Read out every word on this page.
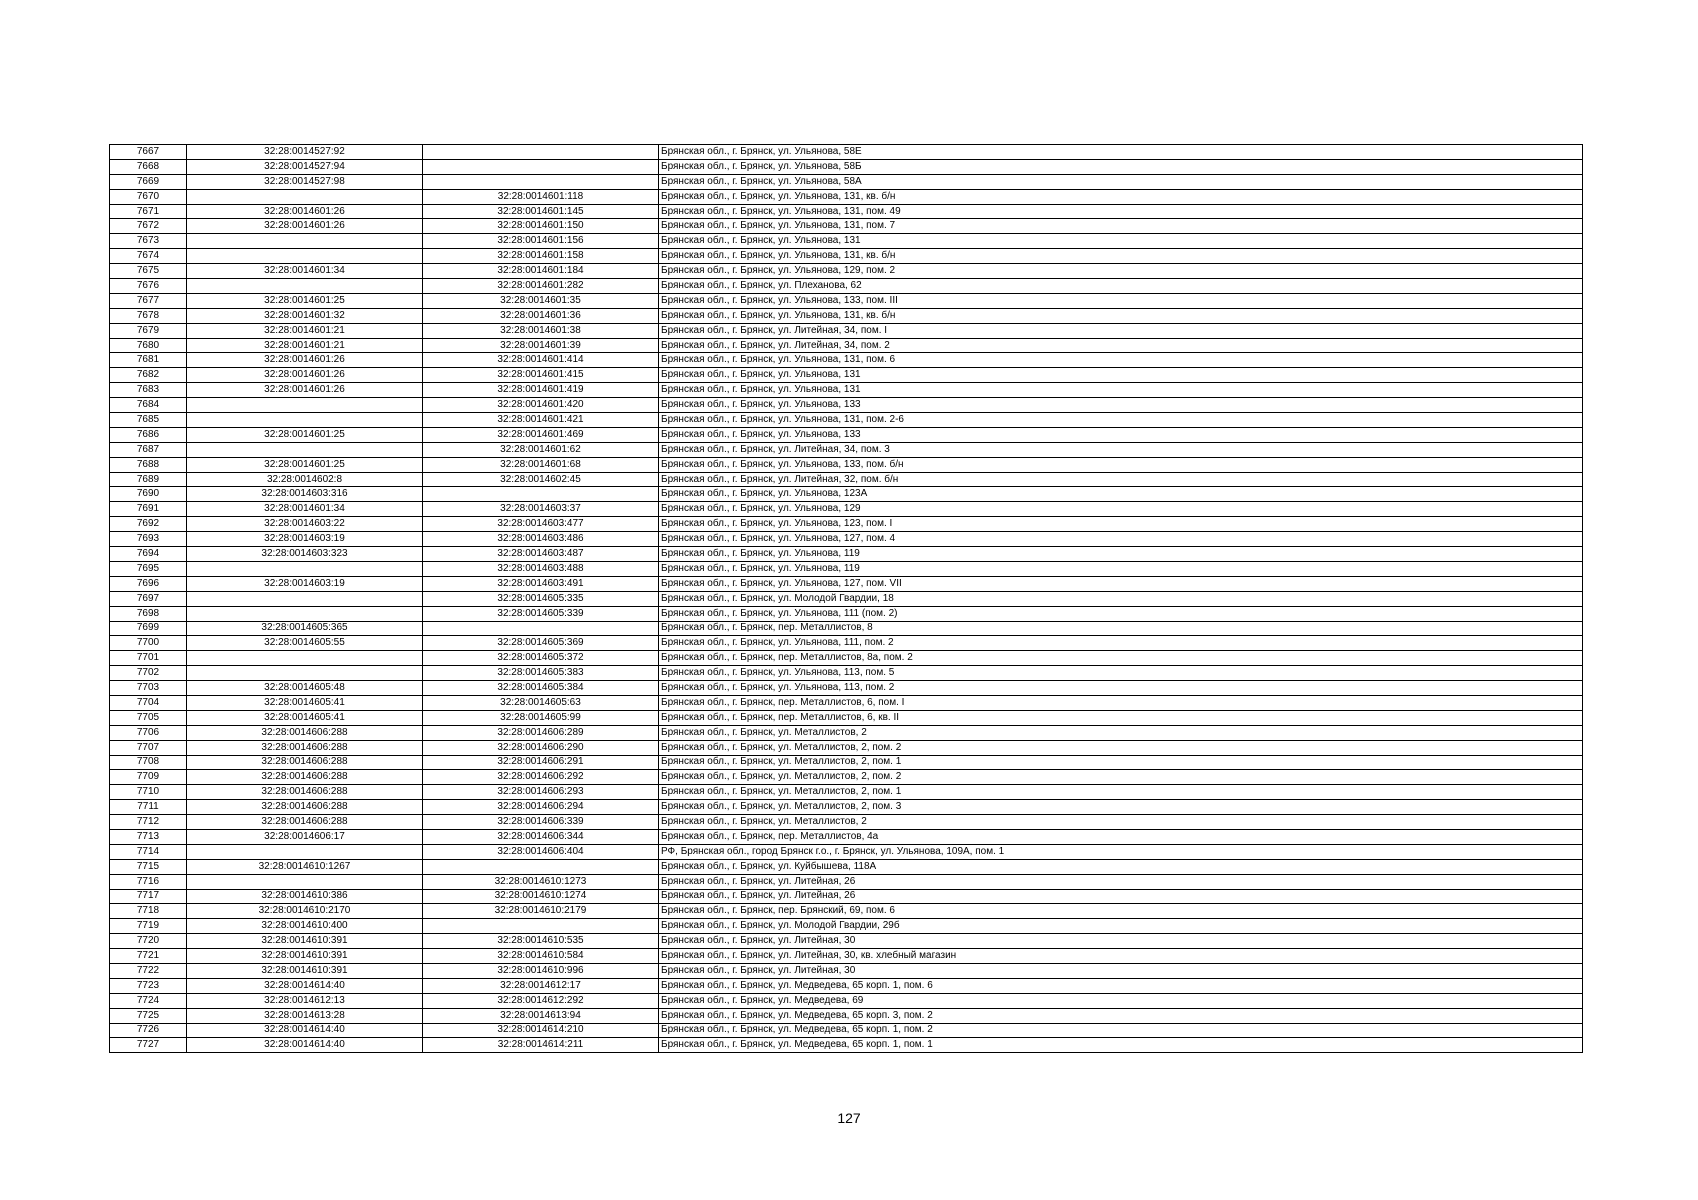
7667	32:28:0014527:92		Брянская обл., г. Брянск, ул. Ульянова, 58Е
7668	32:28:0014527:94		Брянская обл., г. Брянск, ул. Ульянова, 58Б
7669	32:28:0014527:98		Брянская обл., г. Брянск, ул. Ульянова, 58А
7670		32:28:0014601:118	Брянская обл., г. Брянск, ул. Ульянова, 131, кв. б/н
7671	32:28:0014601:26	32:28:0014601:145	Брянская обл., г. Брянск, ул. Ульянова, 131, пом. 49
7672	32:28:0014601:26	32:28:0014601:150	Брянская обл., г. Брянск, ул. Ульянова, 131, пом. 7
7673		32:28:0014601:156	Брянская обл., г. Брянск, ул. Ульянова, 131
7674		32:28:0014601:158	Брянская обл., г. Брянск, ул. Ульянова, 131, кв. б/н
7675	32:28:0014601:34	32:28:0014601:184	Брянская обл., г. Брянск, ул. Ульянова, 129, пом. 2
7676		32:28:0014601:282	Брянская обл., г. Брянск, ул. Плеханова, 62
7677	32:28:0014601:25	32:28:0014601:35	Брянская обл., г. Брянск, ул. Ульянова, 133, пом. III
7678	32:28:0014601:32	32:28:0014601:36	Брянская обл., г. Брянск, ул. Ульянова, 131, кв. б/н
7679	32:28:0014601:21	32:28:0014601:38	Брянская обл., г. Брянск, ул. Литейная, 34, пом. I
7680	32:28:0014601:21	32:28:0014601:39	Брянская обл., г. Брянск, ул. Литейная, 34, пом. 2
7681	32:28:0014601:26	32:28:0014601:414	Брянская обл., г. Брянск, ул. Ульянова, 131, пом. 6
7682	32:28:0014601:26	32:28:0014601:415	Брянская обл., г. Брянск, ул. Ульянова, 131
7683	32:28:0014601:26	32:28:0014601:419	Брянская обл., г. Брянск, ул. Ульянова, 131
7684		32:28:0014601:420	Брянская обл., г. Брянск, ул. Ульянова, 133
7685		32:28:0014601:421	Брянская обл., г. Брянск, ул. Ульянова, 131, пом. 2-6
7686	32:28:0014601:25	32:28:0014601:469	Брянская обл., г. Брянск, ул. Ульянова, 133
7687		32:28:0014601:62	Брянская обл., г. Брянск, ул. Литейная, 34, пом. 3
7688	32:28:0014601:25	32:28:0014601:68	Брянская обл., г. Брянск, ул. Ульянова, 133, пом. б/н
7689	32:28:0014602:8	32:28:0014602:45	Брянская обл., г. Брянск, ул. Литейная, 32, пом. б/н
7690	32:28:0014603:316		Брянская обл., г. Брянск, ул. Ульянова, 123А
7691	32:28:0014601:34	32:28:0014603:37	Брянская обл., г. Брянск, ул. Ульянова, 129
7692	32:28:0014603:22	32:28:0014603:477	Брянская обл., г. Брянск, ул. Ульянова, 123, пом. I
7693	32:28:0014603:19	32:28:0014603:486	Брянская обл., г. Брянск, ул. Ульянова, 127, пом. 4
7694	32:28:0014603:323	32:28:0014603:487	Брянская обл., г. Брянск, ул. Ульянова, 119
7695		32:28:0014603:488	Брянская обл., г. Брянск, ул. Ульянова, 119
7696	32:28:0014603:19	32:28:0014603:491	Брянская обл., г. Брянск, ул. Ульянова, 127, пом. VII
7697		32:28:0014605:335	Брянская обл., г. Брянск, ул. Молодой Гвардии, 18
7698		32:28:0014605:339	Брянская обл., г. Брянск, ул. Ульянова, 111 (пом. 2)
7699	32:28:0014605:365		Брянская обл., г. Брянск, пер. Металлистов, 8
7700	32:28:0014605:55	32:28:0014605:369	Брянская обл., г. Брянск, ул. Ульянова, 111, пом. 2
7701		32:28:0014605:372	Брянская обл., г. Брянск, пер. Металлистов, 8а, пом. 2
7702		32:28:0014605:383	Брянская обл., г. Брянск, ул. Ульянова, 113, пом. 5
7703	32:28:0014605:48	32:28:0014605:384	Брянская обл., г. Брянск, ул. Ульянова, 113, пом. 2
7704	32:28:0014605:41	32:28:0014605:63	Брянская обл., г. Брянск, пер. Металлистов, 6, пом. I
7705	32:28:0014605:41	32:28:0014605:99	Брянская обл., г. Брянск, пер. Металлистов, 6, кв. II
7706	32:28:0014606:288	32:28:0014606:289	Брянская обл., г. Брянск, ул. Металлистов, 2
7707	32:28:0014606:288	32:28:0014606:290	Брянская обл., г. Брянск, ул. Металлистов, 2, пом. 2
7708	32:28:0014606:288	32:28:0014606:291	Брянская обл., г. Брянск, ул. Металлистов, 2, пом. 1
7709	32:28:0014606:288	32:28:0014606:292	Брянская обл., г. Брянск, ул. Металлистов, 2, пом. 2
7710	32:28:0014606:288	32:28:0014606:293	Брянская обл., г. Брянск, ул. Металлистов, 2, пом. 1
7711	32:28:0014606:288	32:28:0014606:294	Брянская обл., г. Брянск, ул. Металлистов, 2, пом. 3
7712	32:28:0014606:288	32:28:0014606:339	Брянская обл., г. Брянск, ул. Металлистов, 2
7713	32:28:0014606:17	32:28:0014606:344	Брянская обл., г. Брянск, пер. Металлистов, 4а
7714		32:28:0014606:404	РФ, Брянская обл., город Брянск г.о., г. Брянск, ул. Ульянова, 109А, пом. 1
7715	32:28:0014610:1267		Брянская обл., г. Брянск, ул. Куйбышева, 118А
7716		32:28:0014610:1273	Брянская обл., г. Брянск, ул. Литейная, 26
7717	32:28:0014610:386	32:28:0014610:1274	Брянская обл., г. Брянск, ул. Литейная, 26
7718	32:28:0014610:2170	32:28:0014610:2179	Брянская обл., г. Брянск, пер. Брянский, 69, пом. 6
7719	32:28:0014610:400		Брянская обл., г. Брянск, ул. Молодой Гвардии, 29б
7720	32:28:0014610:391	32:28:0014610:535	Брянская обл., г. Брянск, ул. Литейная, 30
7721	32:28:0014610:391	32:28:0014610:584	Брянская обл., г. Брянск, ул. Литейная, 30, кв. хлебный магазин
7722	32:28:0014610:391	32:28:0014610:996	Брянская обл., г. Брянск, ул. Литейная, 30
7723	32:28:0014614:40	32:28:0014612:17	Брянская обл., г. Брянск, ул. Медведева, 65 корп. 1, пом. 6
7724	32:28:0014612:13	32:28:0014612:292	Брянская обл., г. Брянск, ул. Медведева, 69
7725	32:28:0014613:28	32:28:0014613:94	Брянская обл., г. Брянск, ул. Медведева, 65 корп. 3, пом. 2
7726	32:28:0014614:40	32:28:0014614:210	Брянская обл., г. Брянск, ул. Медведева, 65 корп. 1, пом. 2
7727	32:28:0014614:40	32:28:0014614:211	Брянская обл., г. Брянск, ул. Медведева, 65 корп. 1, пом. 1
127
